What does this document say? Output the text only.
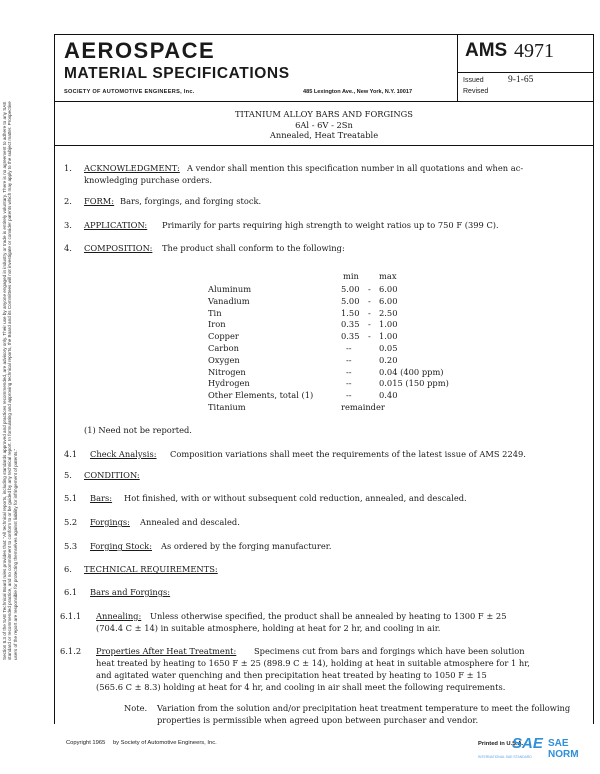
Section 8.3 of the SAE Technical Board rules provides that: "All technical reports, including standards approved and practices recommended, are advisory only. Their use by anyone engaged in industry or trade is entirely voluntary. There is no agreement to adhere to any SAE standard or recommended practice, and no commitment to conform to or be guided by any technical report. In formulating and approving technical reports, the Board and its Committees will not investigate or consider patents which may apply to the subject matter. Prospective users of the report are responsible for protecting themselves against liability for infringement of patents."
AEROSPACE
MATERIAL SPECIFICATIONS
SOCIETY OF AUTOMOTIVE ENGINEERS, Inc.	485 Lexington Ave., New York, N.Y. 10017
AMS 4971
Issued	9-1-65
Revised
TITANIUM ALLOY BARS AND FORGINGS
6Al - 6V - 2Sn
Annealed, Heat Treatable
1. ACKNOWLEDGMENT: A vendor shall mention this specification number in all quotations and when ac-
knowledging purchase orders.
2. FORM: Bars, forgings, and forging stock.
3. APPLICATION: Primarily for parts requiring high strength to weight ratios up to 750 F (399 C).
4. COMPOSITION: The product shall conform to the following:
min max
Aluminum	5.00 - 6.00
Vanadium	5.00 - 6.00
Tin	1.50 - 2.50
Iron	0.35 - 1.00
Copper	0.35 - 1.00
Carbon	--	0.05
Oxygen	--	0.20
Nitrogen	--	0.04 (400 ppm)
Hydrogen	--	0.015 (150 ppm)
Other Elements, total (1)	--	0.40
Titanium	remainder
(1) Need not be reported.
4.1 Check Analysis: Composition variations shall meet the requirements of the latest issue of AMS 2249.
5. CONDITION:
5.1 Bars: Hot finished, with or without subsequent cold reduction, annealed, and descaled.
5.2 Forgings: Annealed and descaled.
5.3 Forging Stock: As ordered by the forging manufacturer.
6. TECHNICAL REQUIREMENTS:
6.1 Bars and Forgings:
6.1.1 Annealing: Unless otherwise specified, the product shall be annealed by heating to 1300 F ± 25
(704.4 C ± 14) in suitable atmosphere, holding at heat for 2 hr, and cooling in air.
6.1.2 Properties After Heat Treatment: Specimens cut from bars and forgings which have been solution
heat treated by heating to 1650 F ± 25 (898.9 C ± 14), holding at heat in suitable atmosphere for 1 hr,
and agitated water quenching and then precipitation heat treated by heating to 1050 F ± 15
(565.6 C ± 8.3) holding at heat for 4 hr, and cooling in air shall meet the following requirements.
Note. Variation from the solution and/or precipitation heat treatment temperature to meet the following
properties is permissible when agreed upon between purchaser and vendor.
Copyright 1965 by Society of Automotive Engineers, Inc.	Printed in U.S.A.
SAE SAE NORM
INTERNATIONAL SAE STANDARD
